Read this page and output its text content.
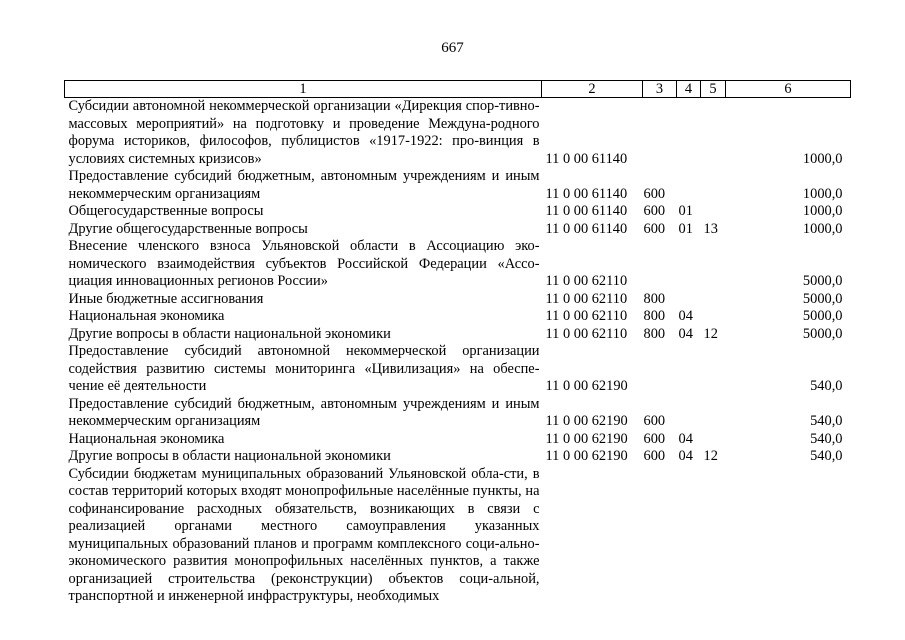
667
1	2	3	4	5	6
Субсидии автономной некоммерческой организации «Дирекция спор-тивно-массовых мероприятий» на подготовку и проведение Междуна-родного форума историков, философов, публицистов «1917-1922: про-винция в условиях системных кризисов»	11 0 00 61140				1000,0
Предоставление субсидий бюджетным, автономным учреждениям и иным некоммерческим организациям	11 0 00 61140	600			1000,0
Общегосударственные вопросы	11 0 00 61140	600	01		1000,0
Другие общегосударственные вопросы	11 0 00 61140	600	01	13	1000,0
Внесение членского взноса Ульяновской области в Ассоциацию эко-номического взаимодействия субъектов Российской Федерации «Ассо-циация инновационных регионов России»	11 0 00 62110				5000,0
Иные бюджетные ассигнования	11 0 00 62110	800			5000,0
Национальная экономика	11 0 00 62110	800	04		5000,0
Другие вопросы в области национальной экономики	11 0 00 62110	800	04	12	5000,0
Предоставление субсидий автономной некоммерческой организации содействия развитию системы мониторинга «Цивилизация» на обеспе-чение её деятельности	11 0 00 62190				540,0
Предоставление субсидий бюджетным, автономным учреждениям и иным некоммерческим организациям	11 0 00 62190	600			540,0
Национальная экономика	11 0 00 62190	600	04		540,0
Другие вопросы в области национальной экономики	11 0 00 62190	600	04	12	540,0
Субсидии бюджетам муниципальных образований Ульяновской обла-сти, в состав территорий которых входят монопрофильные населённые пункты, на софинансирование расходных обязательств, возникающих в связи с реализацией органами местного самоуправления указанных муниципальных образований планов и программ комплексного соци-ально-экономического развития монопрофильных населённых пунктов, а также организацией строительства (реконструкции) объектов соци-альной, транспортной и инженерной инфраструктуры, необходимых					
